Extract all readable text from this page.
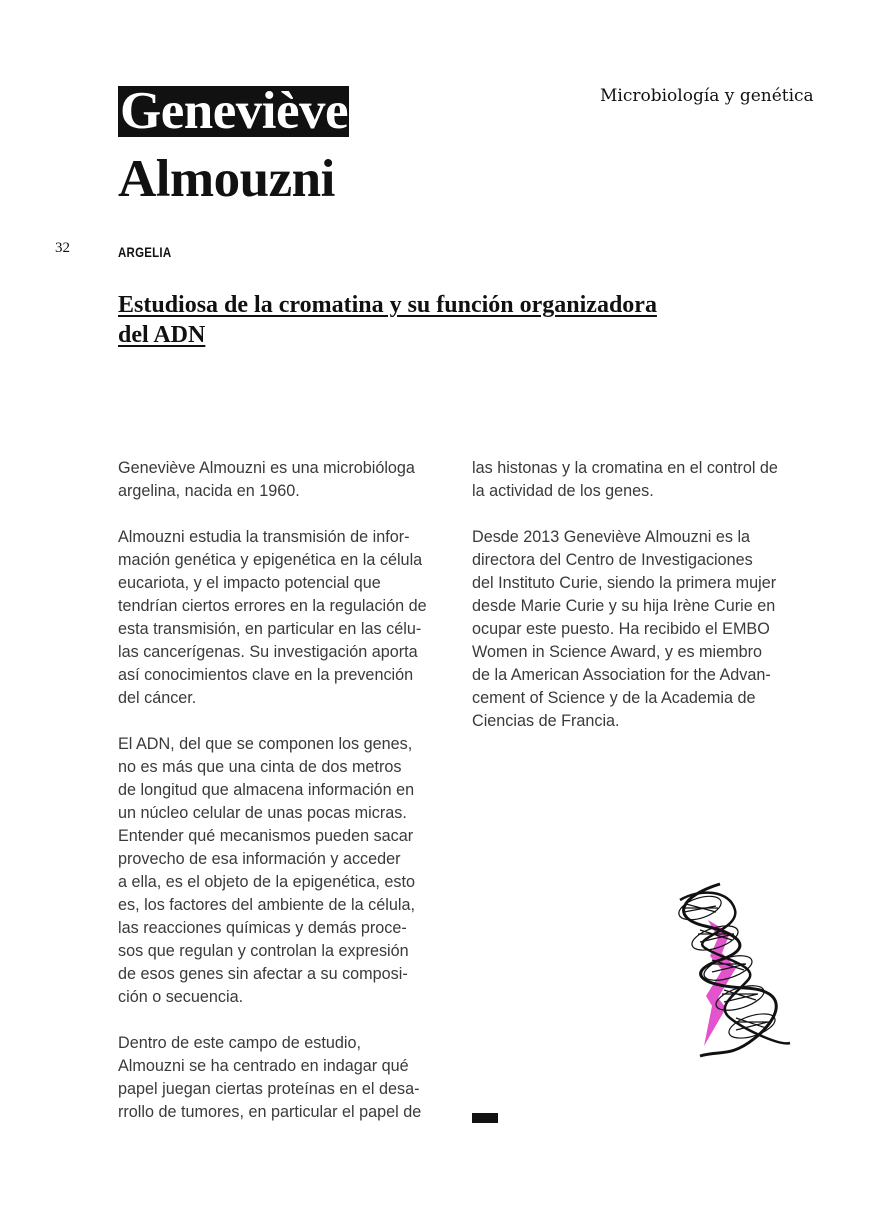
Microbiología y genética
Geneviève
Almouzni
32	ARGELIA
Estudiosa de la cromatina y su función organizadora
del ADN

Geneviève Almouzni es una microbióloga
argelina, nacida en 1960.

Almouzni estudia la transmisión de infor-
mación genética y epigenética en la célula
eucariota, y el impacto potencial que
tendrían ciertos errores en la regulación de
esta transmisión, en particular en las célu-
las cancerígenas. Su investigación aporta
así conocimientos clave en la prevención
del cáncer.

El ADN, del que se componen los genes,
no es más que una cinta de dos metros
de longitud que almacena información en
un núcleo celular de unas pocas micras.
Entender qué mecanismos pueden sacar
provecho de esa información y acceder
a ella, es el objeto de la epigenética, esto
es, los factores del ambiente de la célula,
las reacciones químicas y demás proce-
sos que regulan y controlan la expresión
de esos genes sin afectar a su composi-
ción o secuencia.

Dentro de este campo de estudio,
Almouzni se ha centrado en indagar qué
papel juegan ciertas proteínas en el desa-
rrollo de tumores, en particular el papel de

las histonas y la cromatina en el control de
la actividad de los genes.

Desde 2013 Geneviève Almouzni es la
directora del Centro de Investigaciones
del Instituto Curie, siendo la primera mujer
desde Marie Curie y su hija Irène Curie en
ocupar este puesto. Ha recibido el EMBO
Women in Science Award, y es miembro
de la American Association for the Advan-
cement of Science y de la Academia de
Ciencias de Francia.
